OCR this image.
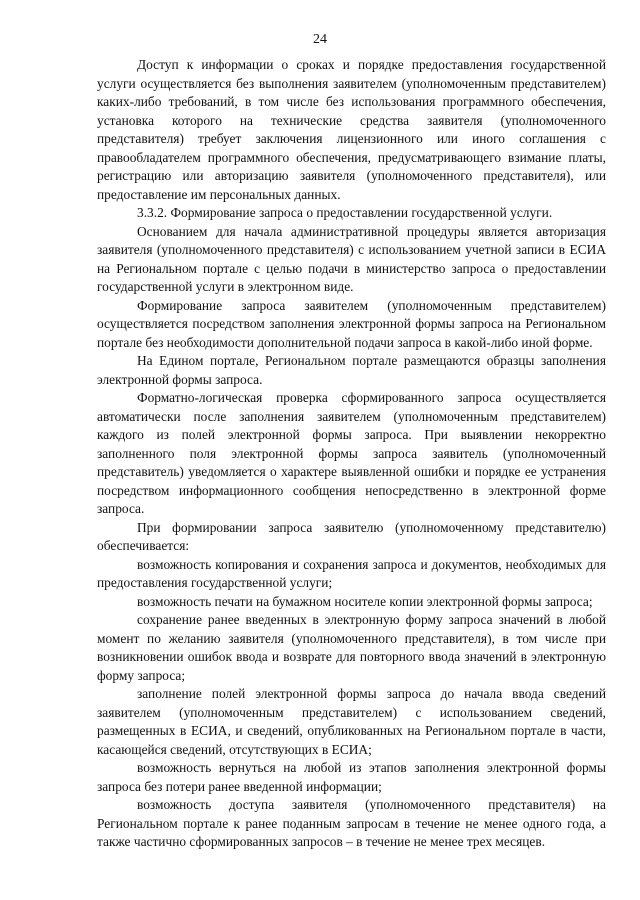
24

Доступ к информации о сроках и порядке предоставления государственной услуги осуществляется без выполнения заявителем (уполномоченным представителем) каких-либо требований, в том числе без использования программного обеспечения, установка которого на технические средства заявителя (уполномоченного представителя) требует заключения лицензионного или иного соглашения с правообладателем программного обеспечения, предусматривающего взимание платы, регистрацию или авторизацию заявителя (уполномоченного представителя), или предоставление им персональных данных.

3.3.2. Формирование запроса о предоставлении государственной услуги.

Основанием для начала административной процедуры является авторизация заявителя (уполномоченного представителя) с использованием учетной записи в ЕСИА на Региональном портале с целью подачи в министерство запроса о предоставлении государственной услуги в электронном виде.

Формирование запроса заявителем (уполномоченным представителем) осуществляется посредством заполнения электронной формы запроса на Региональном портале без необходимости дополнительной подачи запроса в какой-либо иной форме.

На Едином портале, Региональном портале размещаются образцы заполнения электронной формы запроса.

Форматно-логическая проверка сформированного запроса осуществляется автоматически после заполнения заявителем (уполномоченным представителем) каждого из полей электронной формы запроса. При выявлении некорректно заполненного поля электронной формы запроса заявитель (уполномоченный представитель) уведомляется о характере выявленной ошибки и порядке ее устранения посредством информационного сообщения непосредственно в электронной форме запроса.

При формировании запроса заявителю (уполномоченному представителю) обеспечивается:

возможность копирования и сохранения запроса и документов, необходимых для предоставления государственной услуги;

возможность печати на бумажном носителе копии электронной формы запроса;

сохранение ранее введенных в электронную форму запроса значений в любой момент по желанию заявителя (уполномоченного представителя), в том числе при возникновении ошибок ввода и возврате для повторного ввода значений в электронную форму запроса;

заполнение полей электронной формы запроса до начала ввода сведений заявителем (уполномоченным представителем) с использованием сведений, размещенных в ЕСИА, и сведений, опубликованных на Региональном портале в части, касающейся сведений, отсутствующих в ЕСИА;

возможность вернуться на любой из этапов заполнения электронной формы запроса без потери ранее введенной информации;

возможность доступа заявителя (уполномоченного представителя) на Региональном портале к ранее поданным запросам в течение не менее одного года, а также частично сформированных запросов – в течение не менее трех месяцев.
